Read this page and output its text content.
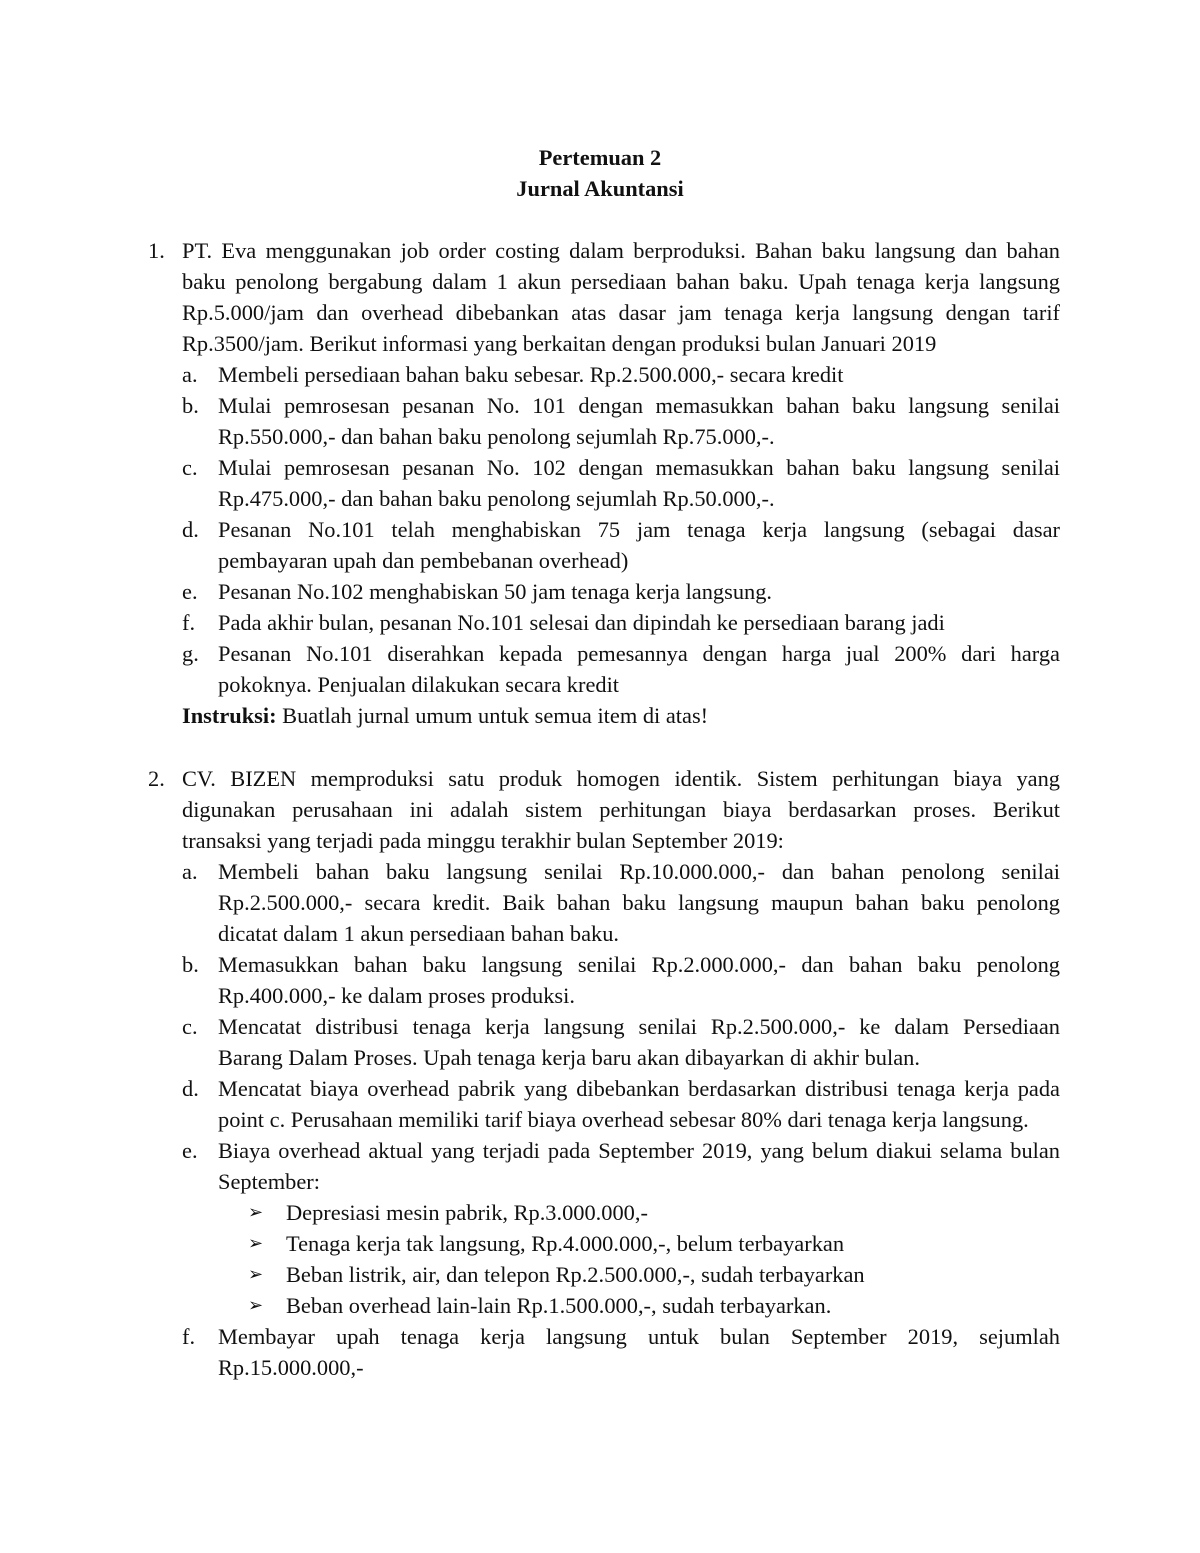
Pertemuan 2
Jurnal Akuntansi
1. PT. Eva menggunakan job order costing dalam berproduksi. Bahan baku langsung dan bahan
baku penolong bergabung dalam 1 akun persediaan bahan baku. Upah tenaga kerja langsung
Rp.5.000/jam dan overhead dibebankan atas dasar jam tenaga kerja langsung dengan tarif
Rp.3500/jam. Berikut informasi yang berkaitan dengan produksi bulan Januari 2019
a. Membeli persediaan bahan baku sebesar. Rp.2.500.000,- secara kredit
b. Mulai pemrosesan pesanan No. 101 dengan memasukkan bahan baku langsung senilai
Rp.550.000,- dan bahan baku penolong sejumlah Rp.75.000,-.
c. Mulai pemrosesan pesanan No. 102 dengan memasukkan bahan baku langsung senilai
Rp.475.000,- dan bahan baku penolong sejumlah Rp.50.000,-.
d. Pesanan No.101 telah menghabiskan 75 jam tenaga kerja langsung (sebagai dasar
pembayaran upah dan pembebanan overhead)
e. Pesanan No.102 menghabiskan 50 jam tenaga kerja langsung.
f. Pada akhir bulan, pesanan No.101 selesai dan dipindah ke persediaan barang jadi
g. Pesanan No.101 diserahkan kepada pemesannya dengan harga jual 200% dari harga
pokoknya. Penjualan dilakukan secara kredit
Instruksi: Buatlah jurnal umum untuk semua item di atas!
2. CV. BIZEN memproduksi satu produk homogen identik. Sistem perhitungan biaya yang
digunakan perusahaan ini adalah sistem perhitungan biaya berdasarkan proses. Berikut
transaksi yang terjadi pada minggu terakhir bulan September 2019:
a. Membeli bahan baku langsung senilai Rp.10.000.000,- dan bahan penolong senilai
Rp.2.500.000,- secara kredit. Baik bahan baku langsung maupun bahan baku penolong
dicatat dalam 1 akun persediaan bahan baku.
b. Memasukkan bahan baku langsung senilai Rp.2.000.000,- dan bahan baku penolong
Rp.400.000,- ke dalam proses produksi.
c. Mencatat distribusi tenaga kerja langsung senilai Rp.2.500.000,- ke dalam Persediaan
Barang Dalam Proses. Upah tenaga kerja baru akan dibayarkan di akhir bulan.
d. Mencatat biaya overhead pabrik yang dibebankan berdasarkan distribusi tenaga kerja pada
point c. Perusahaan memiliki tarif biaya overhead sebesar 80% dari tenaga kerja langsung.
e. Biaya overhead aktual yang terjadi pada September 2019, yang belum diakui selama bulan
September:
➢ Depresiasi mesin pabrik, Rp.3.000.000,-
➢ Tenaga kerja tak langsung, Rp.4.000.000,-, belum terbayarkan
➢ Beban listrik, air, dan telepon Rp.2.500.000,-, sudah terbayarkan
➢ Beban overhead lain-lain Rp.1.500.000,-, sudah terbayarkan.
f. Membayar upah tenaga kerja langsung untuk bulan September 2019, sejumlah
Rp.15.000.000,-
